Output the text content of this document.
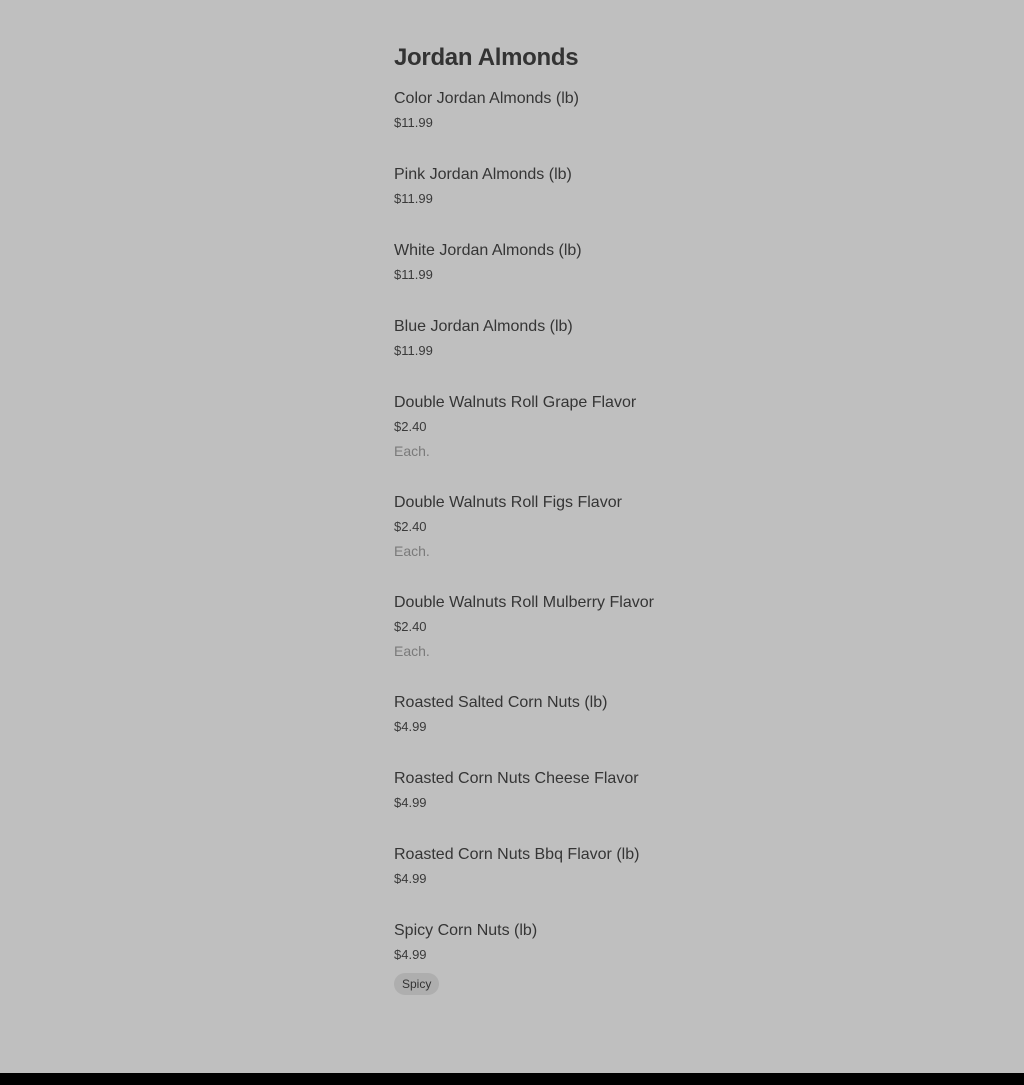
Jordan Almonds
Color Jordan Almonds (lb)
$11.99
Pink Jordan Almonds (lb)
$11.99
White Jordan Almonds (lb)
$11.99
Blue Jordan Almonds (lb)
$11.99
Double Walnuts Roll Grape Flavor
$2.40
Each.
Double Walnuts Roll Figs Flavor
$2.40
Each.
Double Walnuts Roll Mulberry Flavor
$2.40
Each.
Roasted Salted Corn Nuts (lb)
$4.99
Roasted Corn Nuts Cheese Flavor
$4.99
Roasted Corn Nuts Bbq Flavor (lb)
$4.99
Spicy Corn Nuts (lb)
$4.99
Spicy
